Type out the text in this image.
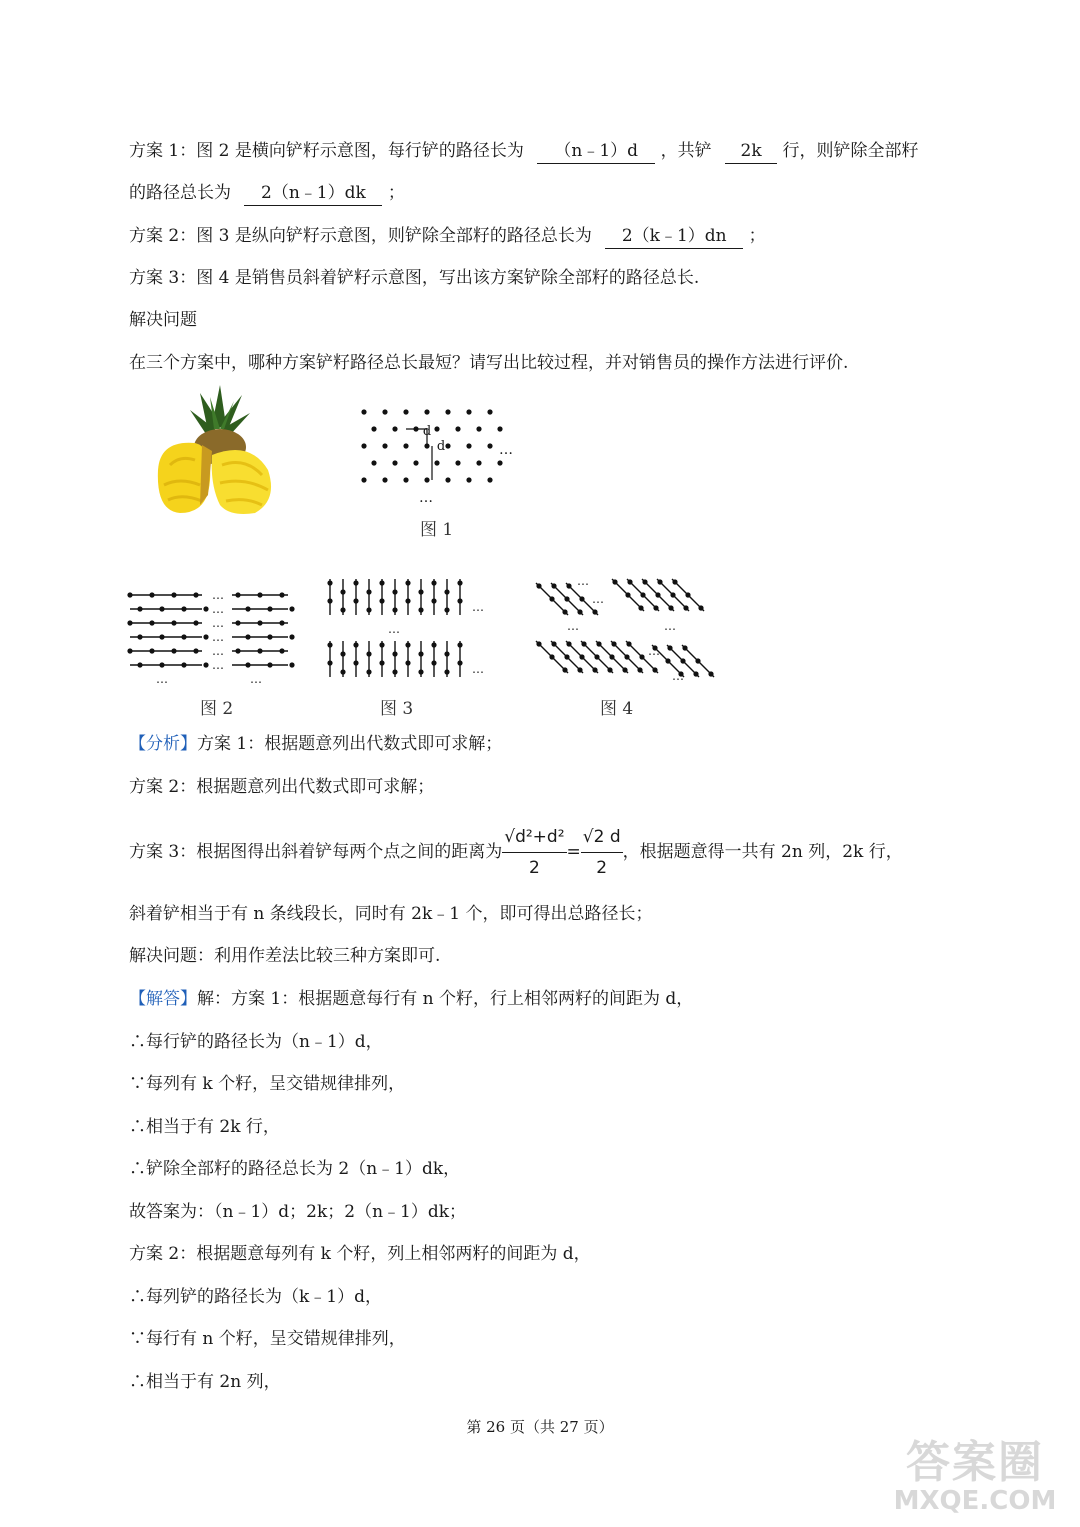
方案 1：图 2 是横向铲籽示意图，每行铲的路径长为 （n﹣1）d ，共铲 2k 行，则铲除全部籽
的路径总长为 2（n﹣1）dk ；
方案 2：图 3 是纵向铲籽示意图，则铲除全部籽的路径总长为 2（k﹣1）dn ；
方案 3：图 4 是销售员斜着铲籽示意图，写出该方案铲除全部籽的路径总长.
解决问题
在三个方案中，哪种方案铲籽路径总长最短？请写出比较过程，并对销售员的操作方法进行评价.
d
d	…
…
图 1
…
…
…
…
…
…
…	…
图 2
…
…
…
图 3
…
…
…	…
…
…
图 4
【分析】方案 1：根据题意列出代数式即可求解；
方案 2：根据题意列出代数式即可求解；
方案 3：根据图得出斜着铲每两个点之间的距离为 $\frac{\text{√d²+d²}}{2} = \frac{√2 d}{2}$ ，根据题意得一共有 2n 列，2k 行，
斜着铲相当于有 n 条线段长，同时有 2k﹣1 个，即可得出总路径长；
解决问题：利用作差法比较三种方案即可.
【解答】解：方案 1：根据题意每行有 n 个籽，行上相邻两籽的间距为 d，
∴每行铲的路径长为（n﹣1）d，
∵每列有 k 个籽，呈交错规律排列，
∴相当于有 2k 行，
∴铲除全部籽的路径总长为 2（n﹣1）dk，
故答案为：（n﹣1）d；2k；2（n﹣1）dk；
方案 2：根据题意每列有 k 个籽，列上相邻两籽的间距为 d，
∴每列铲的路径长为（k﹣1）d，
∵每行有 n 个籽，呈交错规律排列，
∴相当于有 2n 列，
第 26 页（共 27 页）
答案圈
MXQE.COM
